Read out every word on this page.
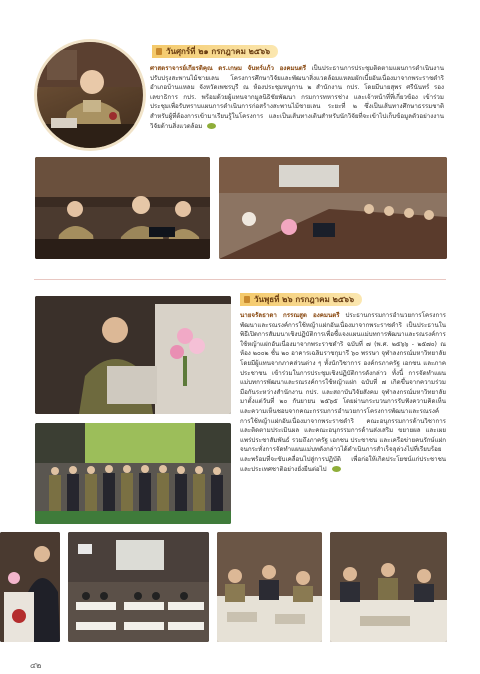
วันศุกร์ที่ ๒๑ กรกฎาคม ๒๕๖๖
ศาสตราจารย์เกียรติคุณ ดร.เกษม จันทร์แก้ว องคมนตรี เป็นประธานการประชุมติดตามแผนการดำเนินงานปรับปรุงสะพานไม้ชายเลน โครงการศึกษาวิจัยและพัฒนาสิ่งแวดล้อมแหลมผักเบี้ยอันเนื่องมาจากพระราชดำริ อำเภอบ้านแหลม จังหวัดเพชรบุรี ณ ห้องประชุมหนูกาน ๒ สำนักงาน กปร. โดยมีนายสุพร ศรีนันทร์ รองเลขาธิการ กปร. พร้อมด้วยผู้แทนจากมูลนิธิชัยพัฒนา กรมการทหารช่าง และเจ้าหน้าที่ที่เกี่ยวข้อง เข้าร่วมประชุมเพื่อรับทราบแผนการดำเนินการก่อสร้างสะพานไม้ชายเลน ระยะที่ ๒ ซึ่งเป็นเส้นทางศึกษาธรรมชาติสำหรับผู้ที่ต้องการเข้ามาเรียนรู้ในโครงการ และเป็นเส้นทางเดินสำหรับนักวิจัยที่จะเข้าไปเก็บข้อมูลตัวอย่างงานวิจัยด้านสิ่งแวดล้อม
วันพุธที่ ๒๖ กรกฎาคม ๒๕๖๖
นายจรัลธาดา กรรณสูต องคมนตรี ประธานกรรมการอำนวยการโครงการพัฒนาและรณรงค์การใช้หญ้าแฝกอันเนื่องมาจากพระราชดำริ เป็นประธานในพิธีเปิดการสัมมนาเชิงปฏิบัติการเพื่อชี้แจงแผนแม่บทการพัฒนาและรณรงค์การใช้หญ้าแฝกอันเนื่องมาจากพระราชดำริ ฉบับที่ ๗ (พ.ศ. ๒๕๖๖ - ๒๕๗๐) ณ ห้อง ๒๐๐๒ ชั้น ๒๐ อาคารเฉลิมราชกุมารี ๖๐ พรรษา จุฬาลงกรณ์มหาวิทยาลัย โดยมีผู้แทนจากภาคส่วนต่าง ๆ ทั้งนักวิชาการ องค์กรภาครัฐ เอกชน และภาคประชาชน เข้าร่วมในการประชุมเชิงปฏิบัติการดังกล่าว ทั้งนี้ การจัดทำแผนแม่บทการพัฒนาและรณรงค์การใช้หญ้าแฝก ฉบับที่ ๗ เกิดขึ้นจากความร่วมมือกันระหว่างสำนักงาน กปร. และสถาบันวิจัยสังคม จุฬาลงกรณ์มหาวิทยาลัย มาตั้งแต่วันที่ ๒๐ กันยายน ๒๕๖๕ โดยผ่านกระบวนการรับฟังความคิดเห็น และความเห็นชอบจากคณะกรรมการอำนวยการโครงการพัฒนาและรณรงค์การใช้หญ้าแฝกอันเนื่องมาจากพระราชดำริ คณะอนุกรรมการด้านวิชาการและติดตามประเมินผล และคณะอนุกรรมการด้านส่งเสริม ขยายผล และเผยแพร่ประชาสัมพันธ์ รวมถึงภาครัฐ เอกชน ประชาชน และเครือข่ายคนรักษ์แฝก จนกระทั่งการจัดทำแผนแม่บทดังกล่าวได้ดำเนินการสำเร็จลุล่วงไปที่เรียบร้อย และพร้อมที่จะขับเคลื่อนไปสู่การปฏิบัติ เพื่อก่อให้เกิดประโยชน์แก่ประชาชนและประเทศชาติอย่างยั่งยืนต่อไป
๔๒
